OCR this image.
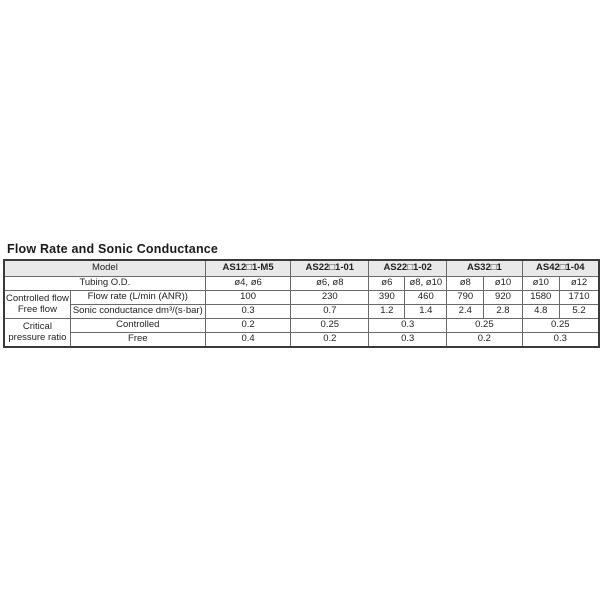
Flow Rate and Sonic Conductance
Model		AS12□1-M5	AS22□1-01	AS22□1-02		AS32□1		AS42□1-04	
Tubing O.D.		ø4, ø6	ø6, ø8	ø6	ø8, ø10	ø8	ø10	ø10	ø12

Controlled flow
Free flow	Flow rate (L/min (ANR))	100	230	390	460	790	920	1580	1710
	Sonic conductance dm³/(s·bar)	0.3	0.7	1.2	1.4	2.4	2.8	4.8	5.2

Critical
pressure ratio	Controlled	0.2	0.25	0.3		0.25		0.25	
	Free	0.4	0.2	0.3		0.2		0.3	
